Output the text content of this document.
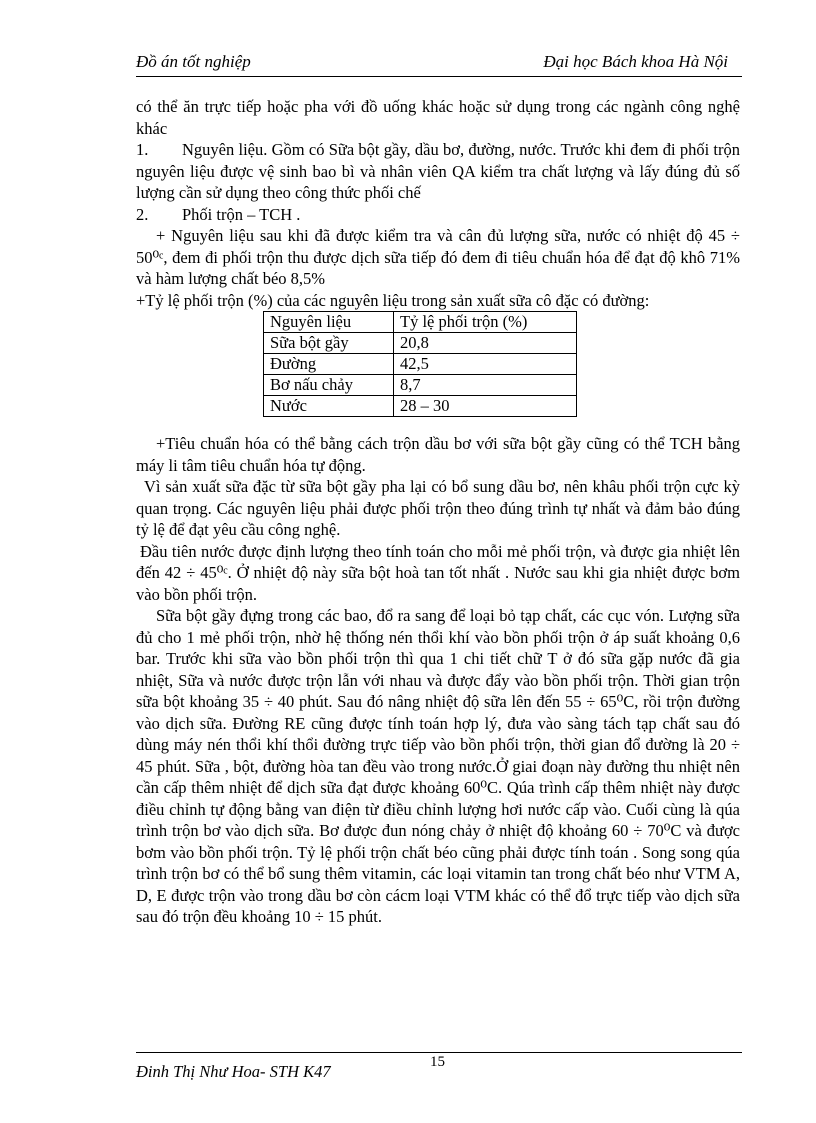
Đồ án tốt nghiệp	Đại học Bách khoa Hà Nội

có thể ăn trực tiếp hoặc pha với đồ uống khác hoặc sử dụng trong các ngành công nghệ khác

1. Nguyên liệu. Gồm có Sữa bột gầy, dầu bơ, đường, nước. Trước khi đem đi phối trộn nguyên liệu được vệ sinh bao bì và nhân viên QA kiểm tra chất lượng và lấy đúng đủ số lượng cần sử dụng theo công thức phối chế

2. Phối trộn – TCH .

+ Nguyên liệu sau khi đã được kiểm tra và cân đủ lượng sữa, nước có nhiệt độ 45 ÷ 50⁰ᶜ, đem đi phối trộn thu được dịch sữa tiếp đó đem đi tiêu chuẩn hóa để đạt độ khô 71% và hàm lượng chất béo 8,5%

+Tỷ lệ phối trộn (%) của các nguyên liệu trong sản xuất sữa cô đặc có đường:

Nguyên liệu	Tỷ lệ phối trộn (%)
Sữa bột gầy	20,8
Đường	42,5
Bơ nấu chảy	8,7
Nước	28 – 30

+Tiêu chuẩn hóa có thể bằng cách trộn dầu bơ với sữa bột gầy cũng có thể TCH bằng máy li tâm tiêu chuẩn hóa tự động.

Vì sản xuất sữa đặc từ sữa bột gầy pha lại có bổ sung dầu bơ, nên khâu phối trộn cực kỳ quan trọng. Các nguyên liệu phải được phối trộn theo đúng trình tự nhất và đảm bảo đúng tỷ lệ để đạt yêu cầu công nghệ.

Đầu tiên nước được định lượng theo tính toán cho mỗi mẻ phối trộn, và được gia nhiệt lên đến 42 ÷ 45⁰ᶜ. Ở nhiệt độ này sữa bột hoà tan tốt nhất . Nước sau khi gia nhiệt được bơm vào bồn phối trộn.

Sữa bột gầy đựng trong các bao, đổ ra sang để loại bỏ tạp chất, các cục vón. Lượng sữa đủ cho 1 mẻ phối trộn, nhờ hệ thống nén thổi khí vào bồn phối trộn ở áp suất khoảng 0,6 bar. Trước khi sữa vào bồn phối trộn thì qua 1 chi tiết chữ T ở đó sữa gặp nước đã gia nhiệt, Sữa và nước được trộn lẫn với nhau và được đẩy vào bồn phối trộn. Thời gian trộn sữa bột khoảng 35 ÷ 40 phút. Sau đó nâng nhiệt độ sữa lên đến 55 ÷ 65⁰C, rồi trộn đường vào dịch sữa. Đường RE cũng được tính toán hợp lý, đưa vào sàng tách tạp chất sau đó dùng máy nén thổi khí thổi đường trực tiếp vào bồn phối trộn, thời gian đổ đường là 20 ÷ 45 phút. Sữa , bột, đường hòa tan đều vào trong nước.Ở giai đoạn này đường thu nhiệt nên cần cấp thêm nhiệt để dịch sữa đạt được khoảng 60⁰C. Qúa trình cấp thêm nhiệt này được điều chỉnh tự động bằng van điện từ điều chỉnh lượng hơi nước cấp vào. Cuối cùng là qúa trình trộn bơ vào dịch sữa. Bơ được đun nóng chảy ở nhiệt độ khoảng 60 ÷ 70⁰C và được bơm vào bồn phối trộn. Tỷ lệ phối trộn chất béo cũng phải được tính toán . Song song qúa trình trộn bơ có thể bổ sung thêm vitamin, các loại vitamin tan trong chất béo như VTM A, D, E được trộn vào trong dầu bơ còn cácm loại VTM khác có thể đổ trực tiếp vào dịch sữa sau đó trộn đều khoảng 10 ÷ 15 phút.

Đinh Thị Như Hoa- STH K47	15
